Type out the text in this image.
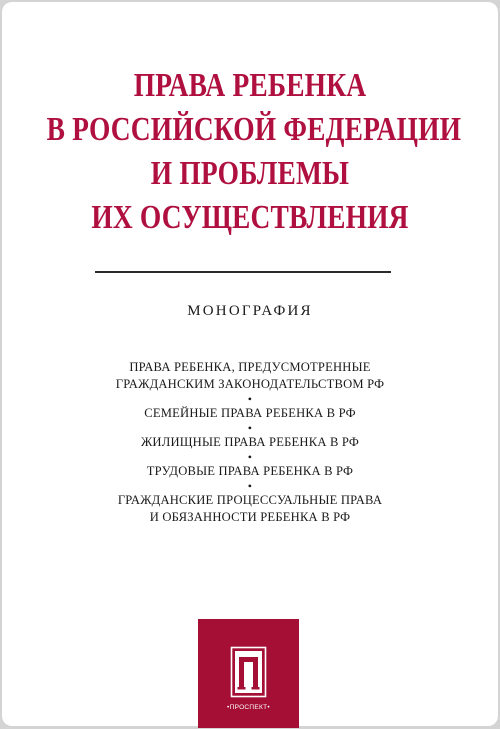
ПРАВА РЕБЕНКА
В РОССИЙСКОЙ ФЕДЕРАЦИИ
И ПРОБЛЕМЫ
ИХ ОСУЩЕСТВЛЕНИЯ
МОНОГРАФИЯ
ПРАВА РЕБЕНКА, ПРЕДУСМОТРЕННЫЕ
ГРАЖДАНСКИМ ЗАКОНОДАТЕЛЬСТВОМ РФ
•
СЕМЕЙНЫЕ ПРАВА РЕБЕНКА В РФ
•
ЖИЛИЩНЫЕ ПРАВА РЕБЕНКА В РФ
•
ТРУДОВЫЕ ПРАВА РЕБЕНКА В РФ
•
ГРАЖДАНСКИЕ ПРОЦЕССУАЛЬНЫЕ ПРАВА
И ОБЯЗАННОСТИ РЕБЕНКА В РФ
•ПРОСПЕКТ•
